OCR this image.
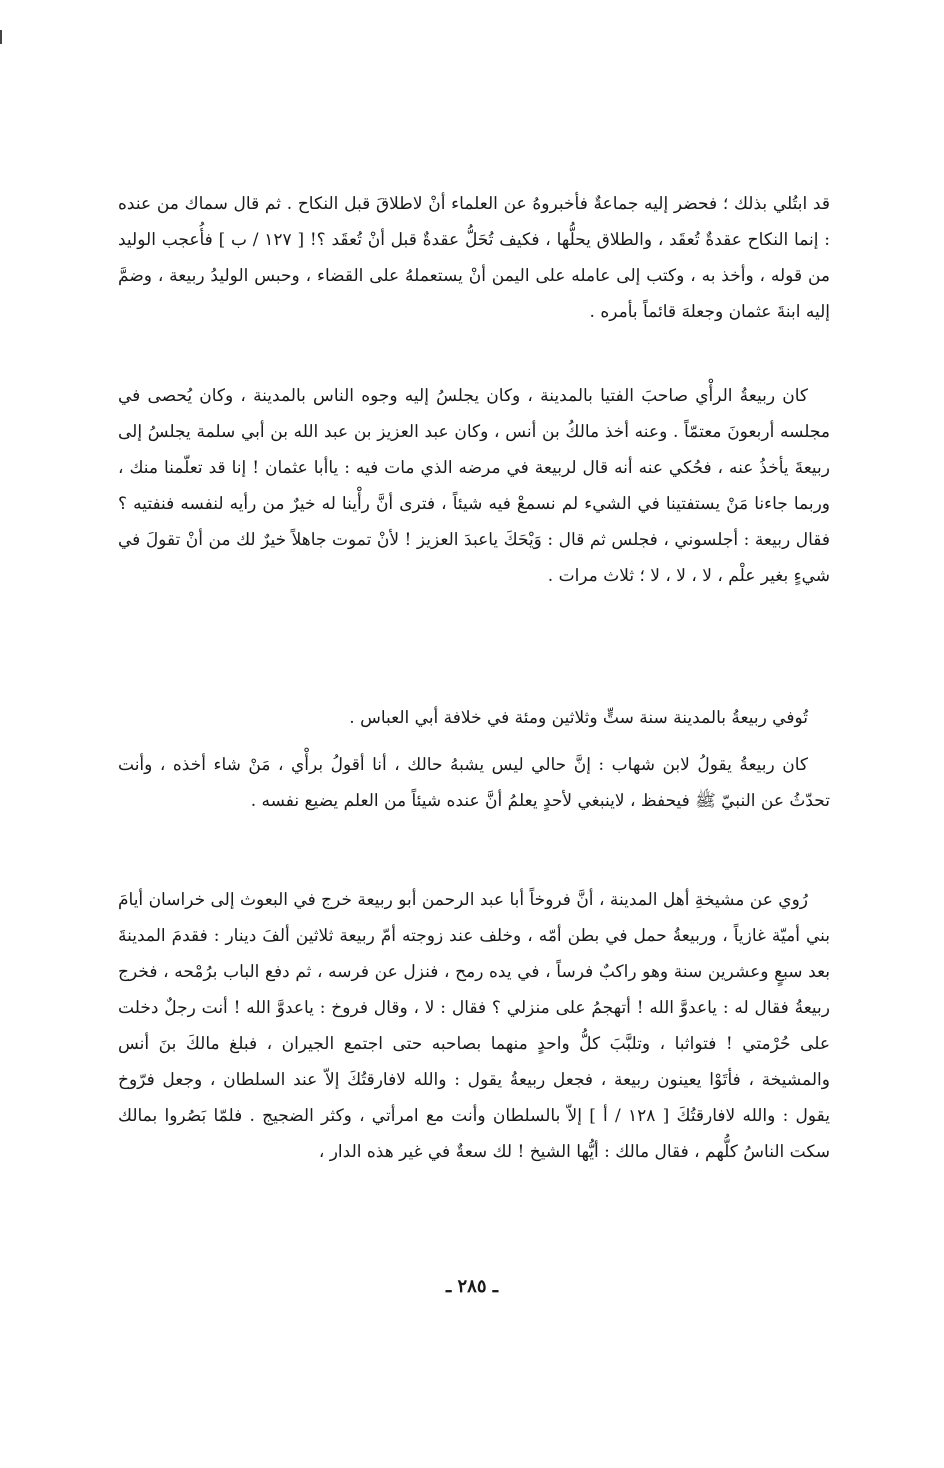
قد ابتُلي بذلك ؛ فحضر إليه جماعةٌ فأخبروهُ عن العلماء أنْ لاطلاقَ قبل النكاح . ثم قال سماك من عنده : إنما النكاح عقدةٌ تُعقَد ، والطلاق يحلُّها ، فكيف تُحَلُّ عقدةٌ قبل أنْ تُعقَد ؟! [ ١٢٧ / ب ] فأُعجب الوليد من قوله ، وأخذ به ، وكتب إلى عامله على اليمن أنْ يستعملهُ على القضاء ، وحبس الوليدُ ربيعة ، وضمَّ إليه ابنةَ عثمان وجعلهَ قائماً بأمره .

كان ربيعةُ الرأْي صاحبَ الفتيا بالمدينة ، وكان يجلسُ إليه وجوه الناس بالمدينة ، وكان يُحصى في مجلسه أربعونَ معتمّاً . وعنه أخذ مالكُ بن أنس ، وكان عبد العزيز بن عبد الله بن أبي سلمة يجلسُ إلى ربيعةَ يأخذُ عنه ، فحُكي عنه أنه قال لربيعة في مرضه الذي مات فيه : ياأبا عثمان ! إنا قد تعلّمنا منك ، وربما جاءنا مَنْ يستفتينا في الشيء لم نسمعْ فيه شيئاً ، فترى أنَّ رأْينا له خيرٌ من رأيه لنفسه فنفتيه ؟ فقال ربيعة : أجلسوني ، فجلس ثم قال : وَيْحَكَ ياعبدَ العزيز ! لأنْ تموت جاهلاً خيرٌ لك من أنْ تقولَ في شيءٍ بغير علْم ، لا ، لا ، لا ؛ ثلاث مرات .

تُوفي ربيعةُ بالمدينة سنة ستٍّ وثلاثين ومئة في خلافة أبي العباس .

كان ربيعةُ يقولُ لابن شهاب : إنَّ حالي ليس يشبهُ حالك ، أنا أقولُ برأْي ، مَنْ شاء أخذه ، وأنت تحدّثُ عن النبيّ ﷺ فيحفظ ، لاينبغي لأحدٍ يعلمُ أنَّ عنده شيئاً من العلم يضيع نفسه .

رُوي عن مشيخةِ أهل المدينة ، أنَّ فروخاً أبا عبد الرحمن أبو ربيعة خرج في البعوث إلى خراسان أيامَ بني أميّة غازياً ، وربيعةُ حمل في بطن أمّه ، وخلف عند زوجته أمّ ربيعة ثلاثين ألفَ دينار : فقدمَ المدينةَ بعد سبعٍ وعشرين سنة وهو راكبٌ فرساً ، في يده رمح ، فنزل عن فرسه ، ثم دفع الباب برُمْحه ، فخرج ربيعةُ فقال له : ياعدوَّ الله ! أتهجمُ على منزلي ؟ فقال : لا ، وقال فروخ : ياعدوَّ الله ! أنت رجلٌ دخلت على حُرْمتي ! فتواثبا ، وتلبَّبَ كلُّ واحدٍ منهما بصاحبه حتى اجتمع الجيران ، فبلغ مالكَ بنَ أنس والمشيخة ، فأتَوْا يعينون ربيعة ، فجعل ربيعةُ يقول : والله لافارقتُكَ إلاّ عند السلطان ، وجعل فرّوخ يقول : والله لافارقتُكَ [ ١٢٨ / أ ] إلاّ بالسلطان وأنت مع امرأتي ، وكثر الضجيج . فلمّا بَصُروا بمالك سكت الناسُ كلُّهم ، فقال مالك : أيُّها الشيخ ! لك سعةٌ في غير هذه الدار ،

ـ ٢٨٥ ـ
